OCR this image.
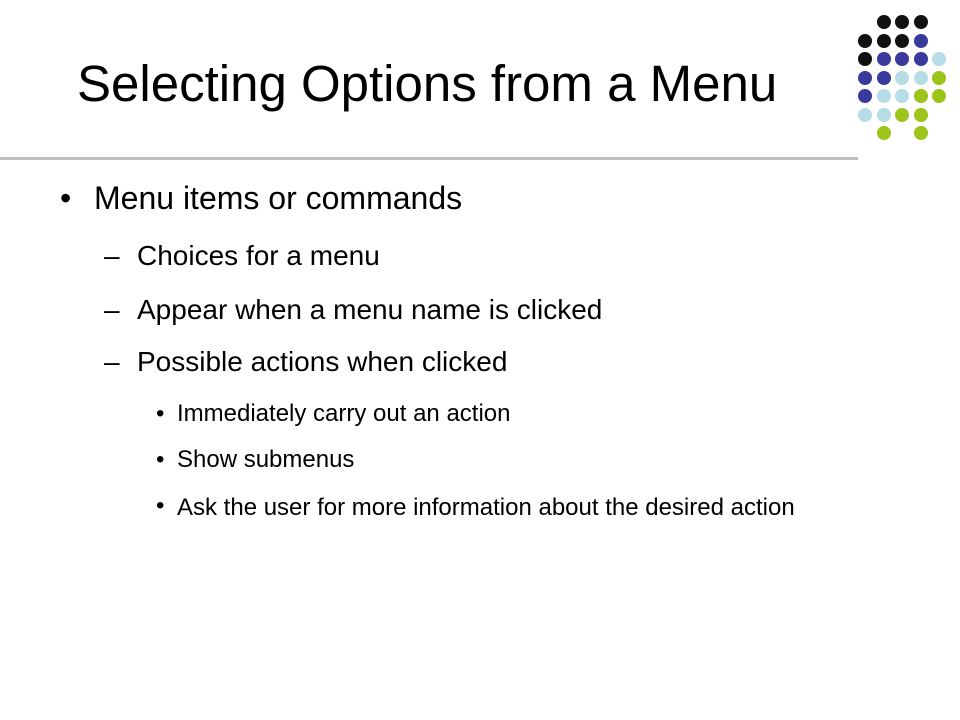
Selecting Options from a Menu
• Menu items or commands
– Choices for a menu
– Appear when a menu name is clicked
– Possible actions when clicked
• Immediately carry out an action
• Show submenus
• Ask the user for more information about the desired action
